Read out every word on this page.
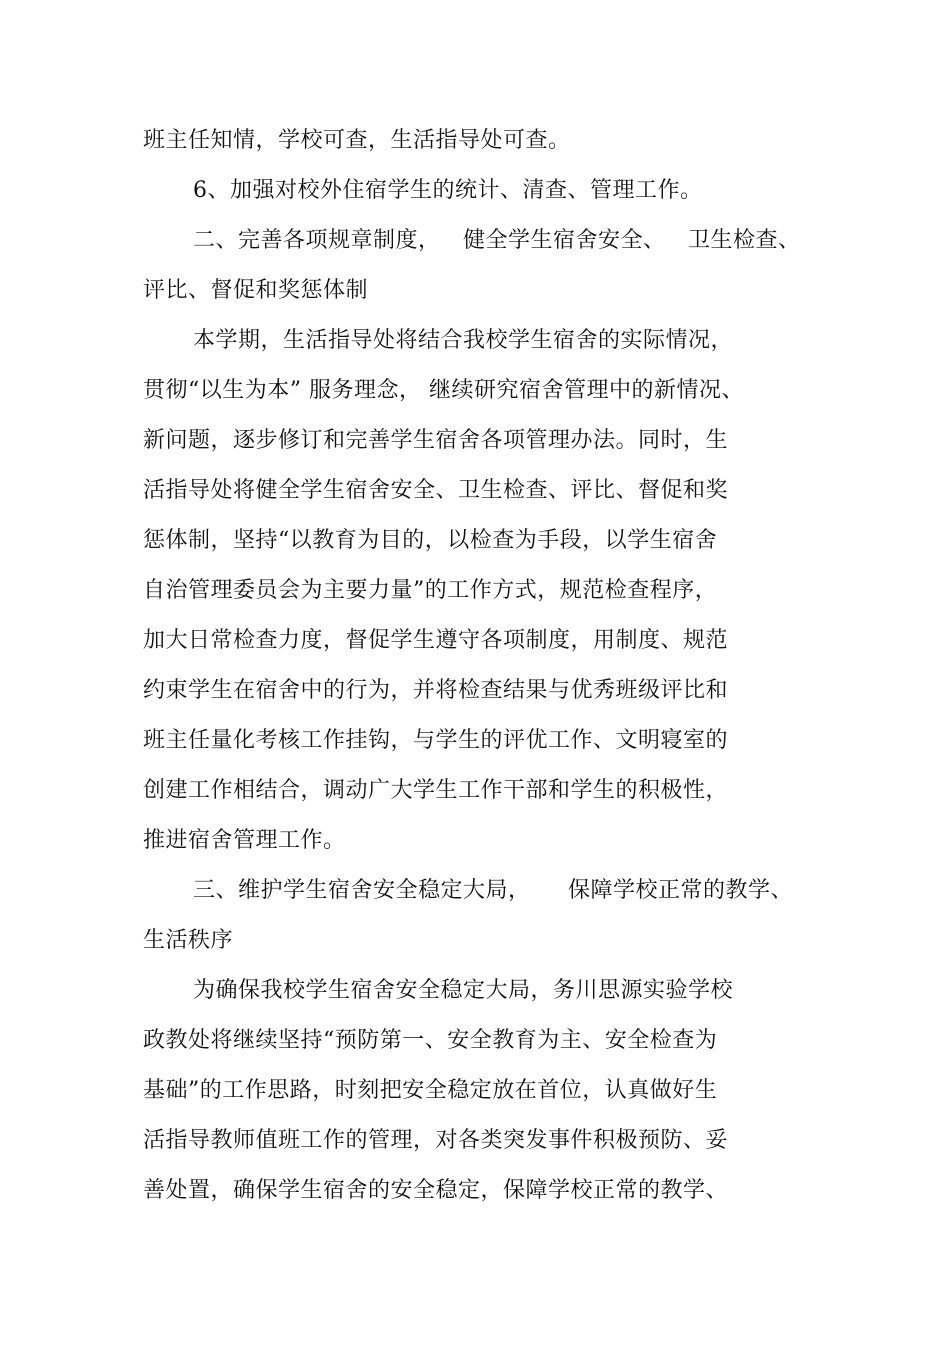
班主任知情，学校可查，生活指导处可查。
6、加强对校外住宿学生的统计、清查、管理工作。
二、完善各项规章制度，   健全学生宿舍安全、   卫生检查、
评比、督促和奖惩体制
本学期，生活指导处将结合我校学生宿舍的实际情况，
贯彻“以生为本” 服务理念， 继续研究宿舍管理中的新情况、
新问题，逐步修订和完善学生宿舍各项管理办法。同时，生
活指导处将健全学生宿舍安全、卫生检查、评比、督促和奖
惩体制，坚持“以教育为目的，以检查为手段，以学生宿舍
自治管理委员会为主要力量”的工作方式，规范检查程序，
加大日常检查力度，督促学生遵守各项制度，用制度、规范
约束学生在宿舍中的行为，并将检查结果与优秀班级评比和
班主任量化考核工作挂钩，与学生的评优工作、文明寝室的
创建工作相结合，调动广大学生工作干部和学生的积极性，
推进宿舍管理工作。
三、维护学生宿舍安全稳定大局，     保障学校正常的教学、
生活秩序
为确保我校学生宿舍安全稳定大局，务川思源实验学校
政教处将继续坚持“预防第一、安全教育为主、安全检查为
基础”的工作思路，时刻把安全稳定放在首位，认真做好生
活指导教师值班工作的管理，对各类突发事件积极预防、妥
善处置，确保学生宿舍的安全稳定，保障学校正常的教学、
